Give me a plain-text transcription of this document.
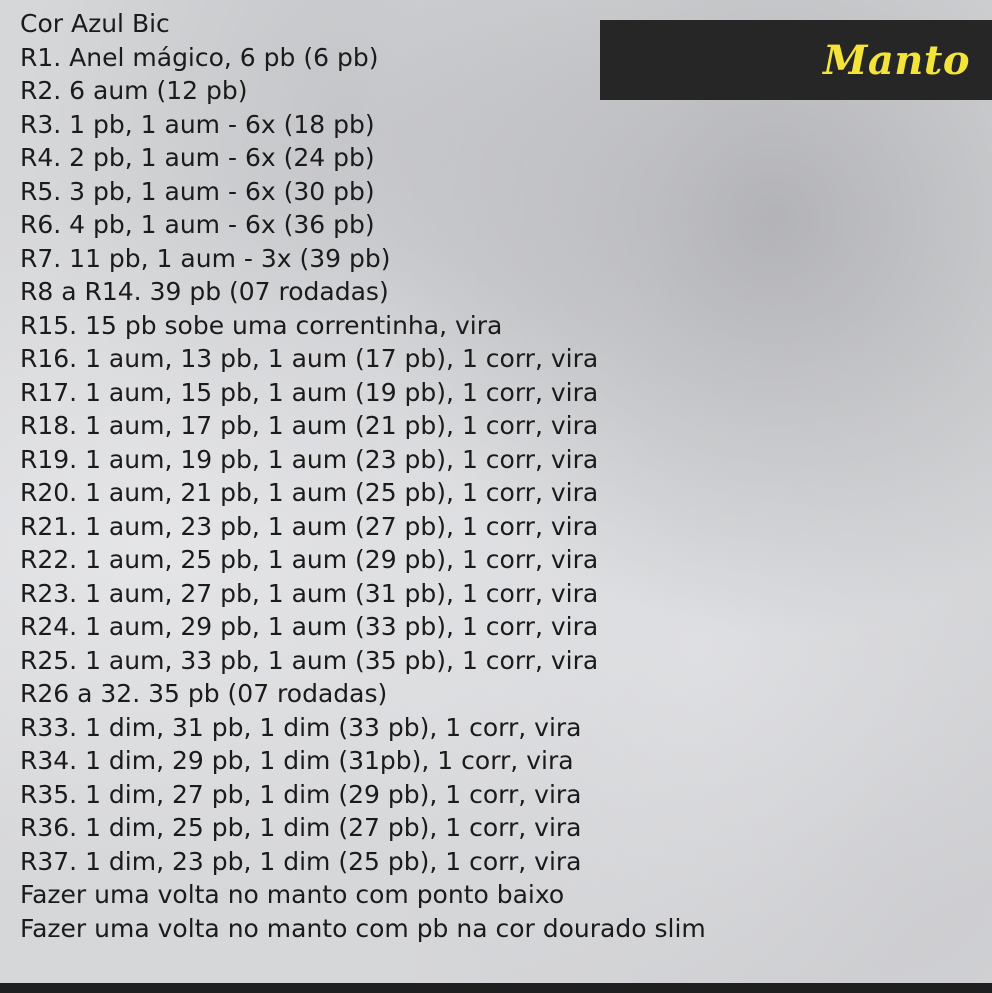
Manto
Cor Azul Bic
R1. Anel mágico, 6 pb (6 pb)
R2. 6 aum (12 pb)
R3. 1 pb, 1 aum - 6x (18 pb)
R4. 2 pb, 1 aum - 6x (24 pb)
R5. 3 pb, 1 aum - 6x (30 pb)
R6. 4 pb, 1 aum - 6x (36 pb)
R7. 11 pb, 1 aum - 3x (39 pb)
R8 a R14. 39 pb (07 rodadas)
R15. 15 pb sobe uma correntinha, vira
R16. 1 aum, 13 pb, 1 aum (17 pb), 1 corr, vira
R17. 1 aum, 15 pb, 1 aum (19 pb), 1 corr, vira
R18. 1 aum, 17 pb, 1 aum (21 pb), 1 corr, vira
R19. 1 aum, 19 pb, 1 aum (23 pb), 1 corr, vira
R20. 1 aum, 21 pb, 1 aum (25 pb), 1 corr, vira
R21. 1 aum, 23 pb, 1 aum (27 pb), 1 corr, vira
R22. 1 aum, 25 pb, 1 aum (29 pb), 1 corr, vira
R23. 1 aum, 27 pb, 1 aum (31 pb), 1 corr, vira
R24. 1 aum, 29 pb, 1 aum (33 pb), 1 corr, vira
R25. 1 aum, 33 pb, 1 aum (35 pb), 1 corr, vira
R26 a 32. 35 pb (07 rodadas)
R33. 1 dim, 31 pb, 1 dim (33 pb), 1 corr, vira
R34. 1 dim, 29 pb, 1 dim (31pb), 1 corr, vira
R35. 1 dim, 27 pb, 1 dim (29 pb), 1 corr, vira
R36. 1 dim, 25 pb, 1 dim (27 pb), 1 corr, vira
R37. 1 dim, 23 pb, 1 dim (25 pb), 1 corr, vira
Fazer uma volta no manto com ponto baixo
Fazer uma volta no manto com pb na cor dourado slim
